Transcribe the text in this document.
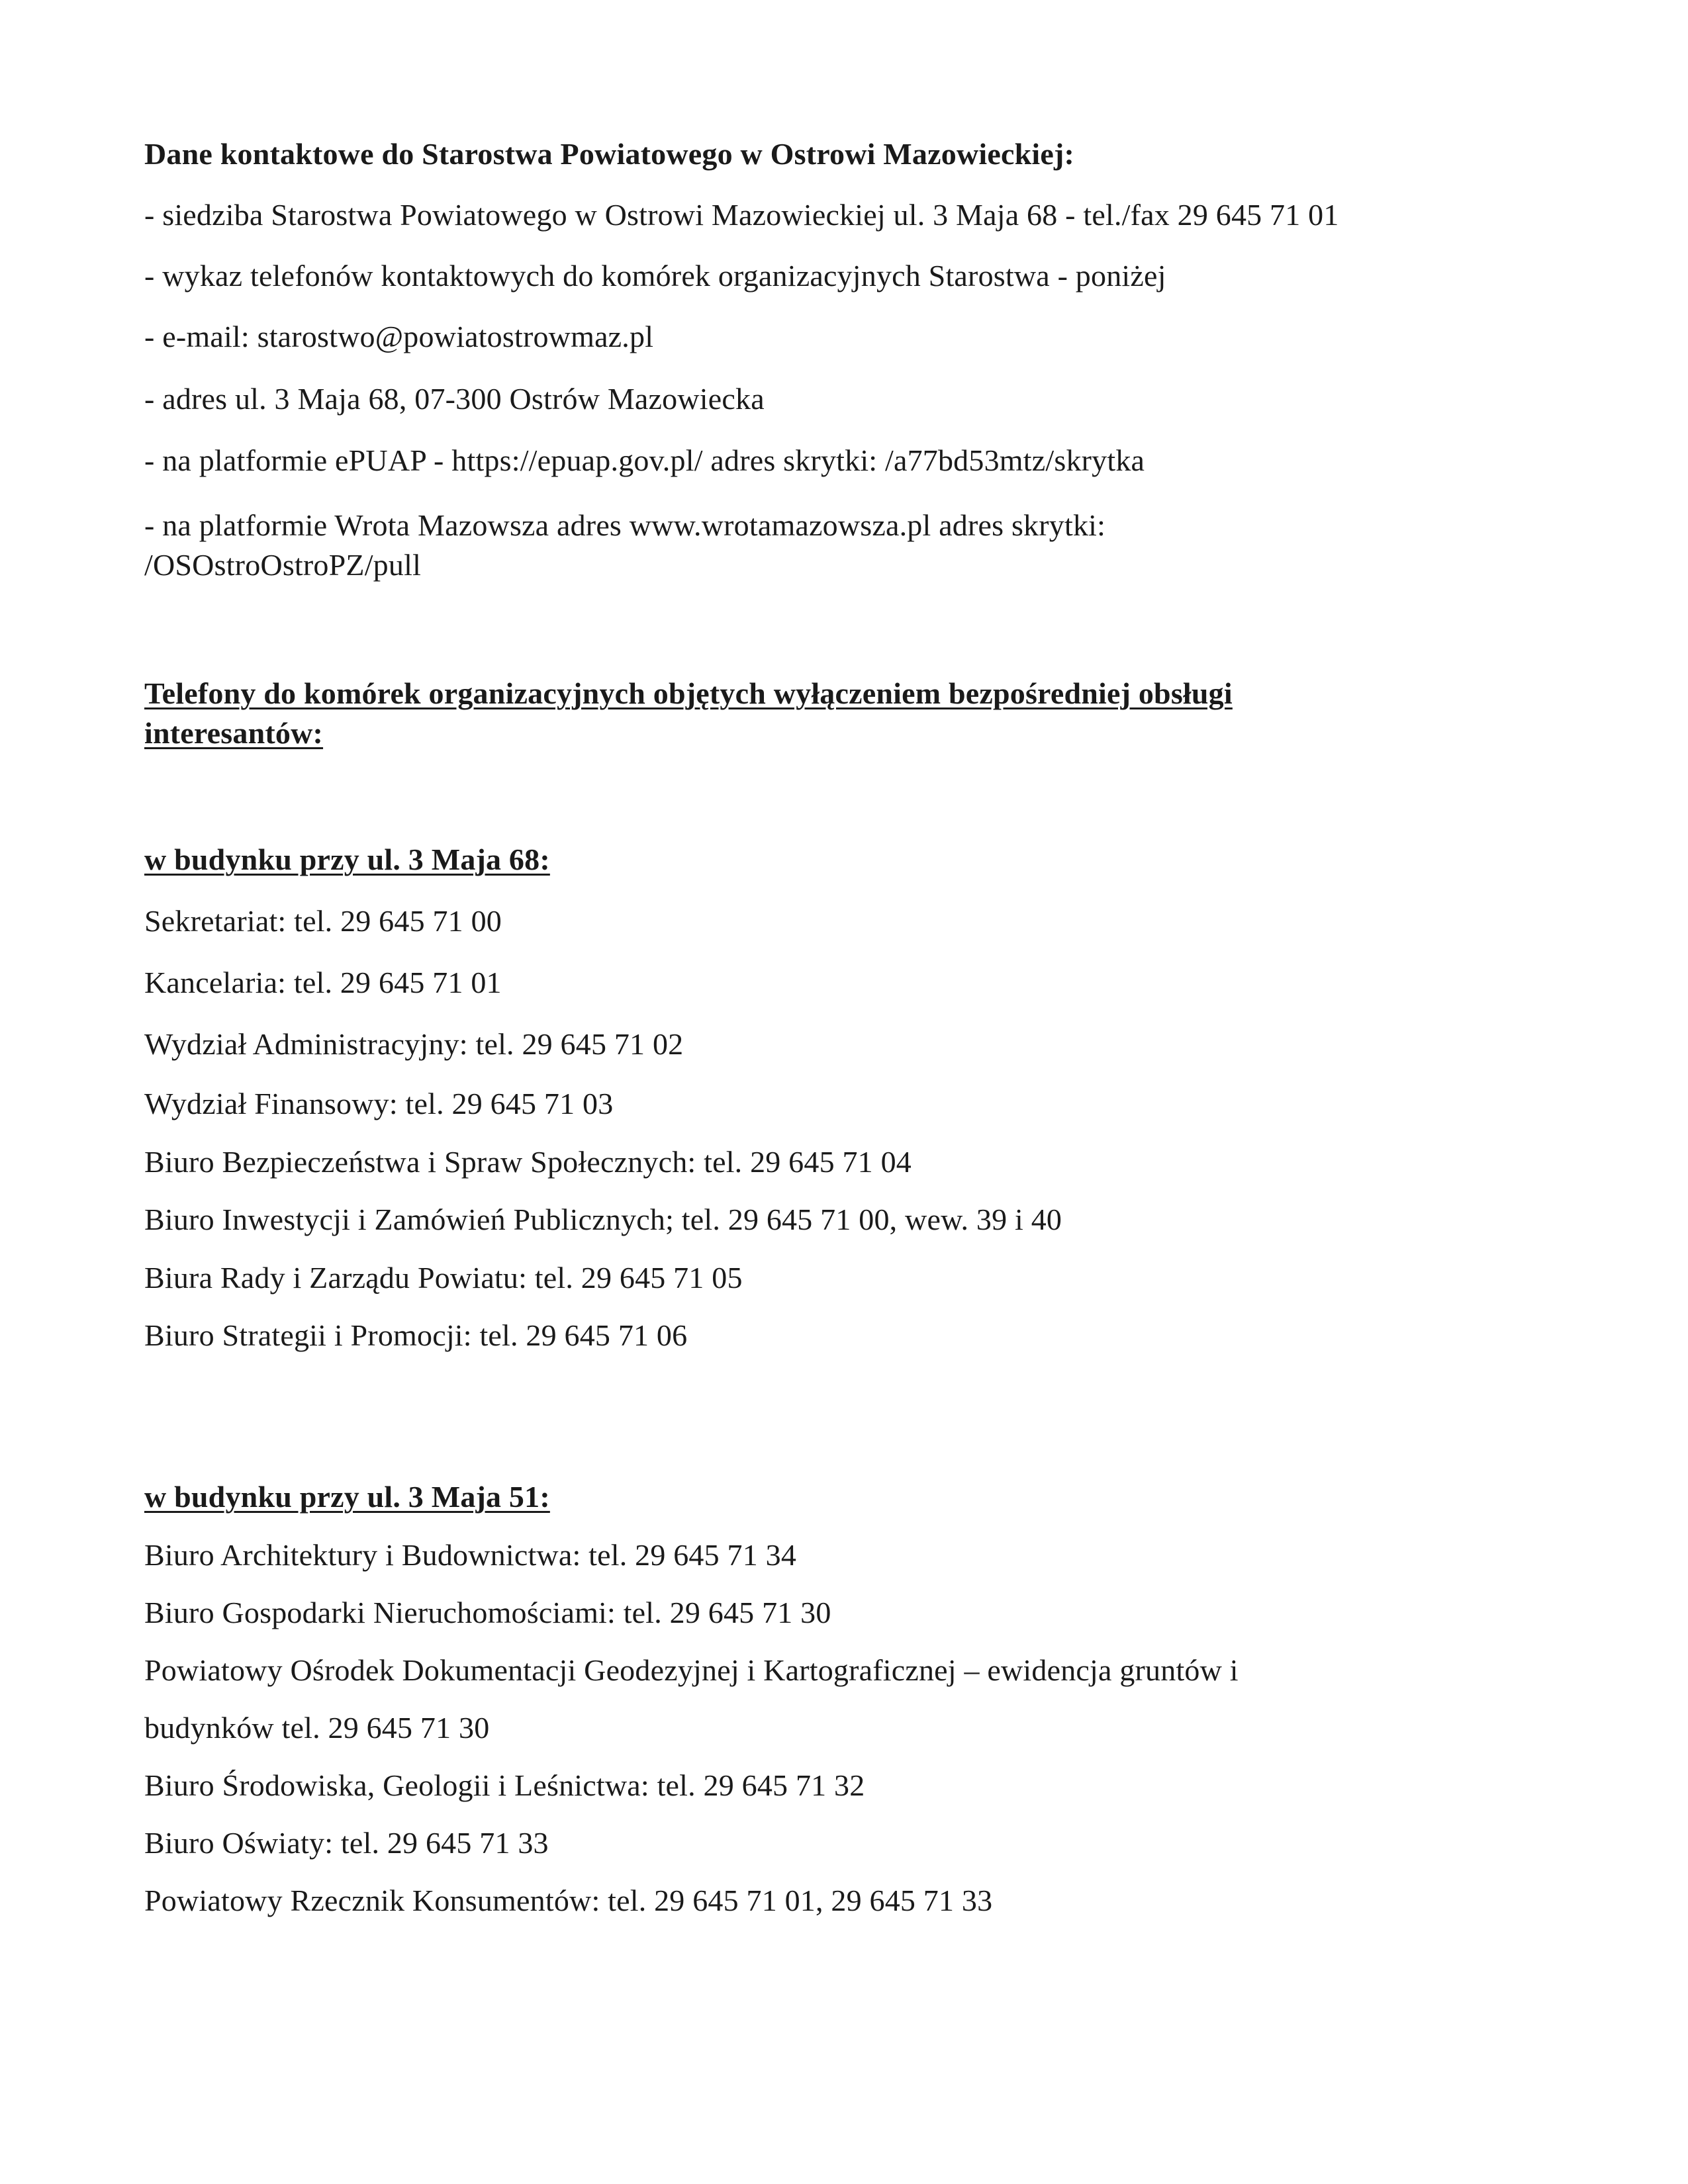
Dane kontaktowe do Starostwa Powiatowego w Ostrowi Mazowieckiej:
- siedziba Starostwa Powiatowego w Ostrowi Mazowieckiej ul. 3 Maja 68 - tel./fax 29 645 71 01
- wykaz telefonów kontaktowych do komórek organizacyjnych Starostwa - poniżej
- e-mail: starostwo@powiatostrowmaz.pl
- adres ul. 3 Maja 68, 07-300 Ostrów Mazowiecka
- na platformie ePUAP - https://epuap.gov.pl/ adres skrytki: /a77bd53mtz/skrytka
- na platformie Wrota Mazowsza adres www.wrotamazowsza.pl adres skrytki:
/OSOstroOstroPZ/pull
Telefony do komórek organizacyjnych objętych wyłączeniem bezpośredniej obsługi
interesantów:
w budynku przy ul. 3 Maja 68:
Sekretariat: tel. 29 645 71 00
Kancelaria: tel. 29 645 71 01
Wydział Administracyjny: tel. 29 645 71 02
Wydział Finansowy: tel. 29 645 71 03
Biuro Bezpieczeństwa i Spraw Społecznych: tel. 29 645 71 04
Biuro Inwestycji i Zamówień Publicznych; tel. 29 645 71 00, wew. 39 i 40
Biura Rady i Zarządu Powiatu: tel. 29 645 71 05
Biuro Strategii i Promocji: tel. 29 645 71 06
w budynku przy ul. 3 Maja 51:
Biuro Architektury i Budownictwa: tel. 29 645 71 34
Biuro Gospodarki Nieruchomościami: tel. 29 645 71 30
Powiatowy Ośrodek Dokumentacji Geodezyjnej i Kartograficznej – ewidencja gruntów i
budynków tel. 29 645 71 30
Biuro Środowiska, Geologii i Leśnictwa: tel. 29 645 71 32
Biuro Oświaty: tel. 29 645 71 33
Powiatowy Rzecznik Konsumentów: tel. 29 645 71 01, 29 645 71 33
